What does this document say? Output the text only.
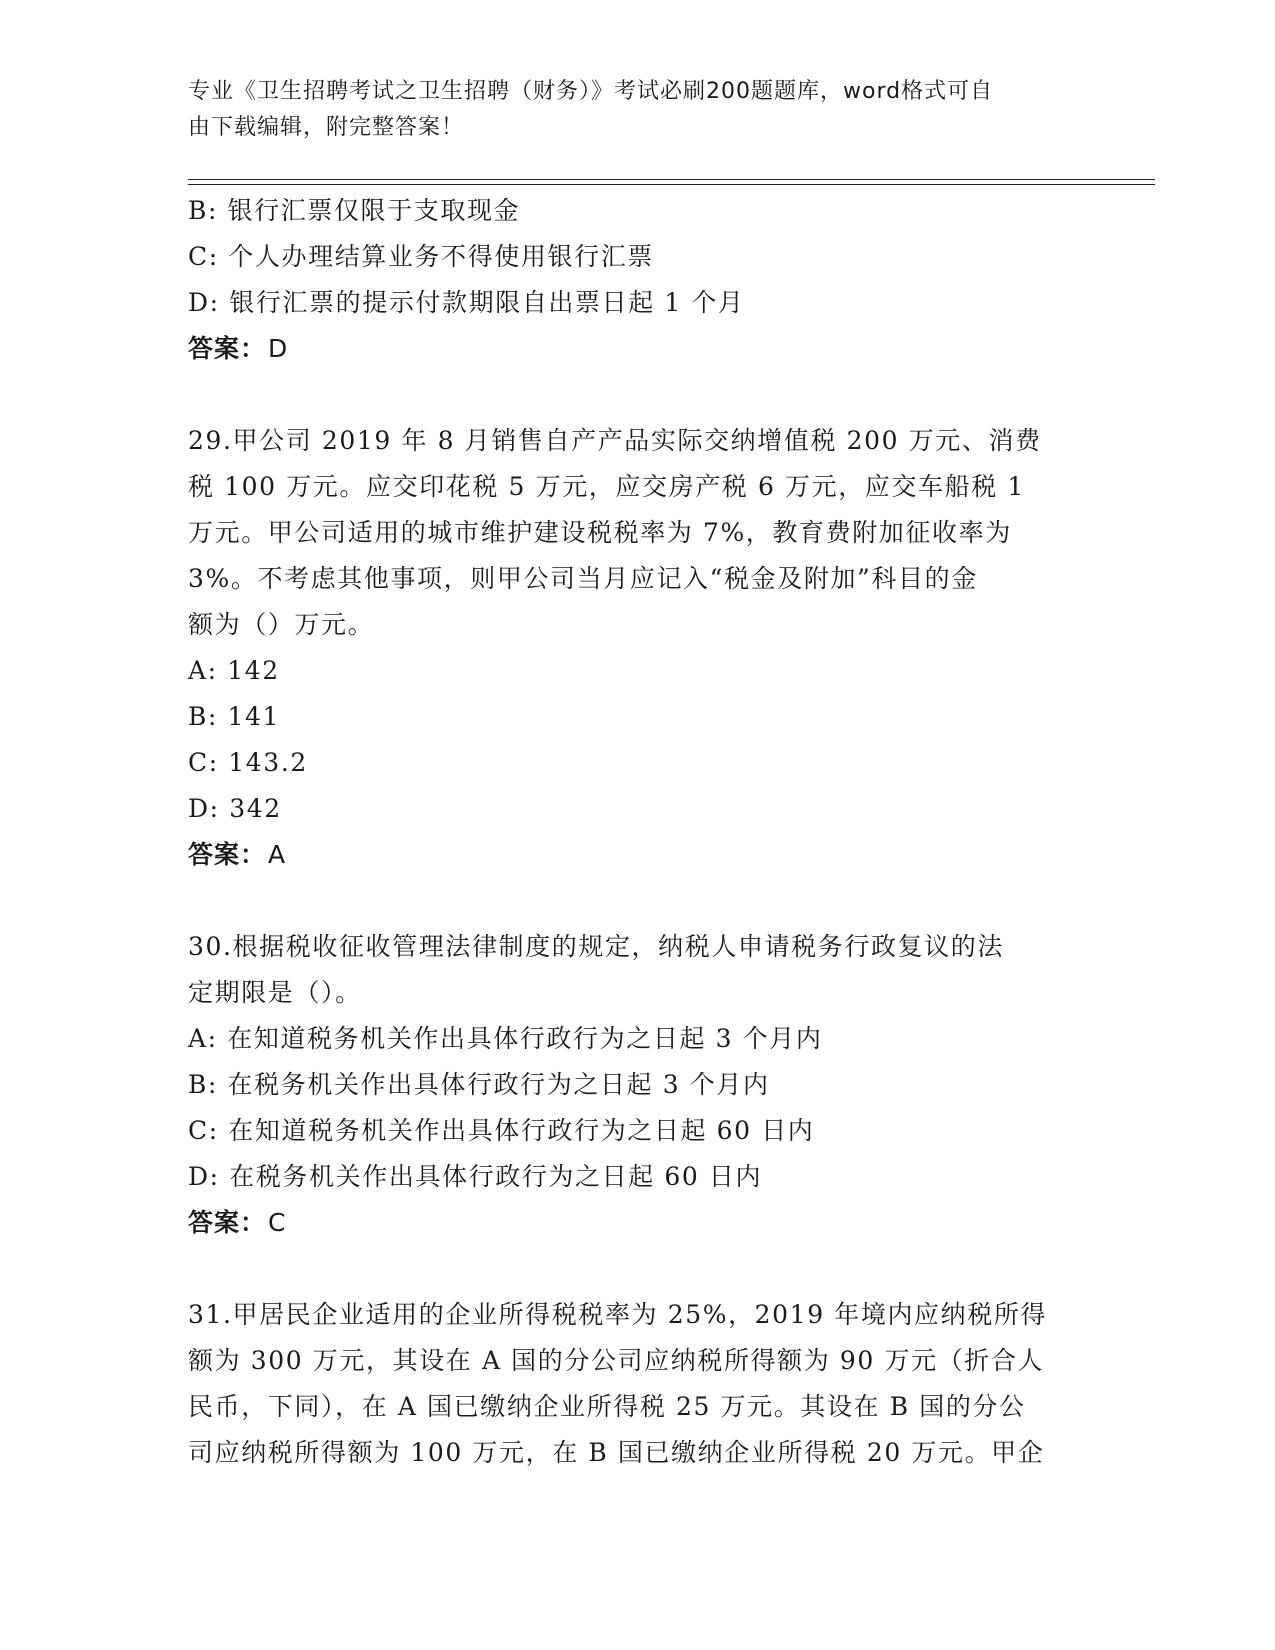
专业《卫生招聘考试之卫生招聘（财务）》考试必刷200题题库，word格式可自
由下载编辑，附完整答案！
B: 银行汇票仅限于支取现金
C: 个人办理结算业务不得使用银行汇票
D: 银行汇票的提示付款期限自出票日起 1 个月
答案：D
29.甲公司 2019 年 8 月销售自产产品实际交纳增值税 200 万元、消费
税 100 万元。应交印花税 5 万元，应交房产税 6 万元，应交车船税 1
万元。甲公司适用的城市维护建设税税率为 7%，教育费附加征收率为
3%。不考虑其他事项，则甲公司当月应记入“税金及附加”科目的金
额为（）万元。
A: 142
B: 141
C: 143.2
D: 342
答案：A
30.根据税收征收管理法律制度的规定，纳税人申请税务行政复议的法
定期限是（）。
A: 在知道税务机关作出具体行政行为之日起 3 个月内
B: 在税务机关作出具体行政行为之日起 3 个月内
C: 在知道税务机关作出具体行政行为之日起 60 日内
D: 在税务机关作出具体行政行为之日起 60 日内
答案：C
31.甲居民企业适用的企业所得税税率为 25%，2019 年境内应纳税所得
额为 300 万元，其设在 A 国的分公司应纳税所得额为 90 万元（折合人
民币，下同），在 A 国已缴纳企业所得税 25 万元。其设在 B 国的分公
司应纳税所得额为 100 万元，在 B 国已缴纳企业所得税 20 万元。甲企
